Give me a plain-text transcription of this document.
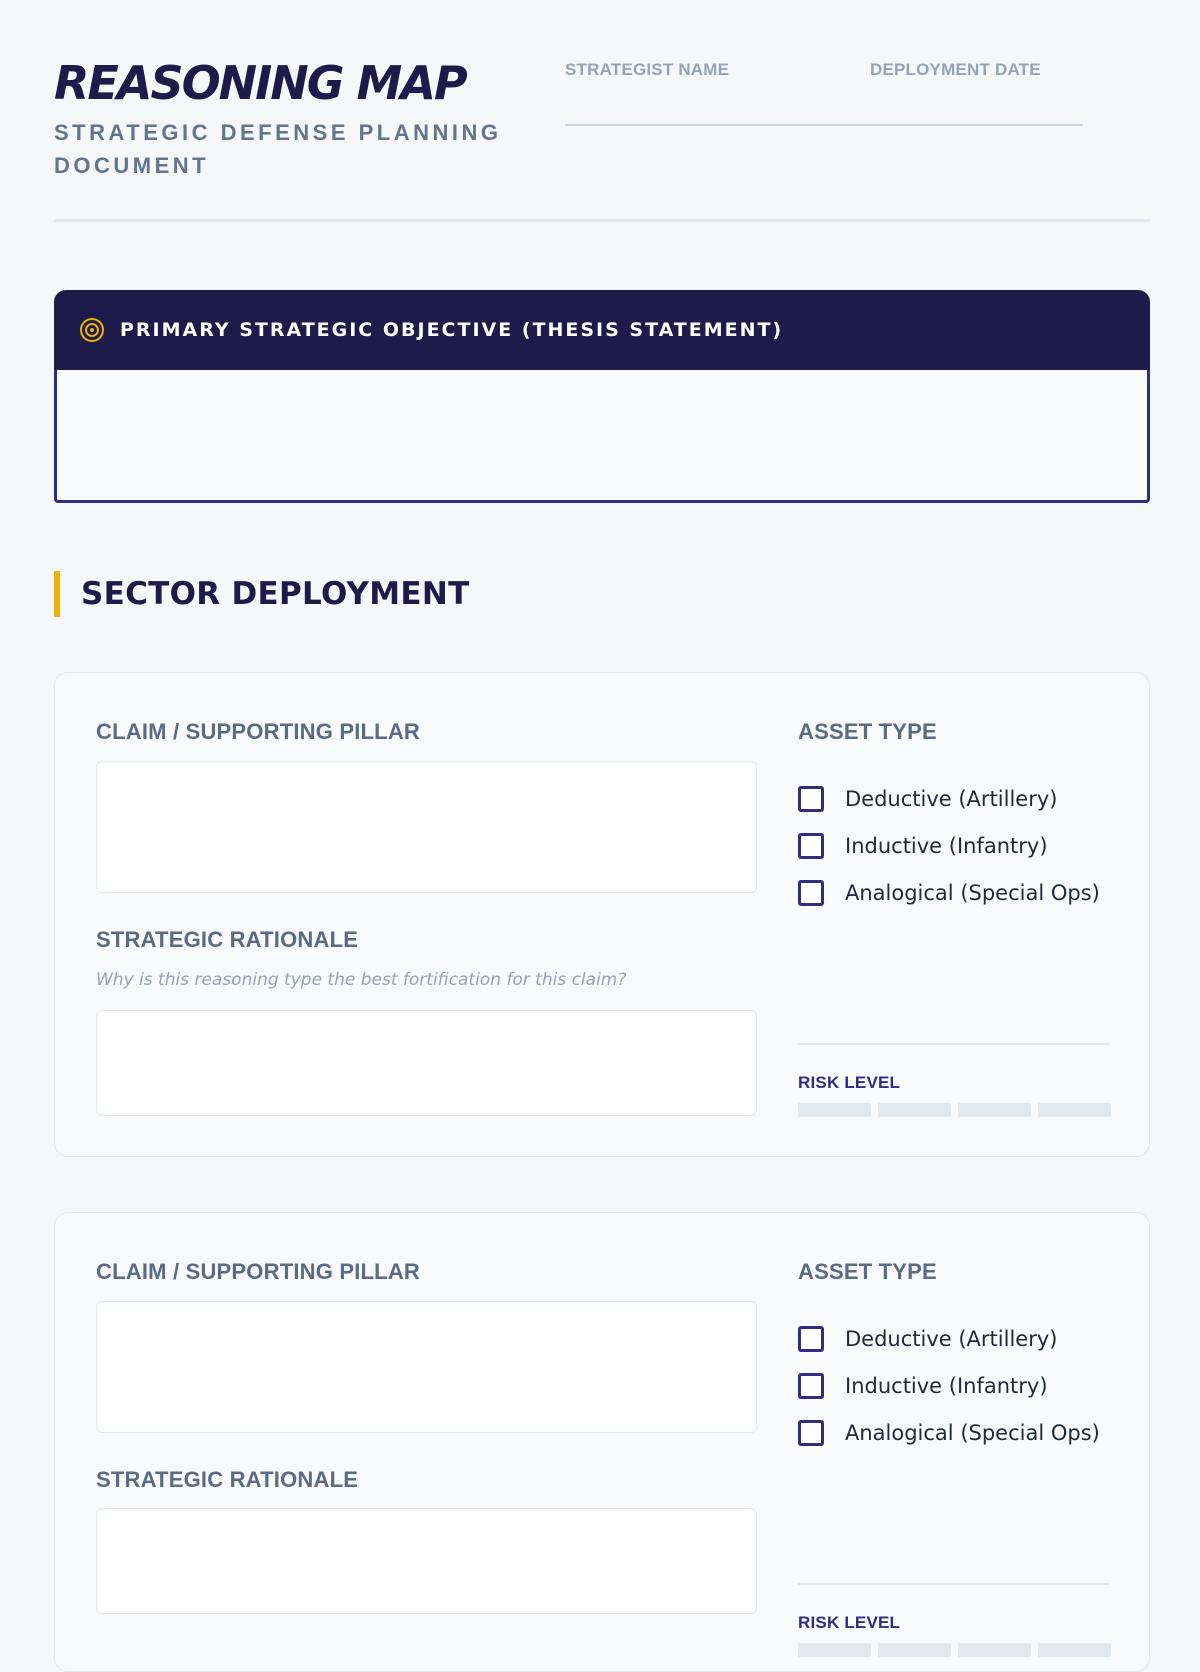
REASONING MAP
STRATEGIC DEFENSE PLANNING DOCUMENT
STRATEGIST NAME	DEPLOYMENT DATE
PRIMARY STRATEGIC OBJECTIVE (THESIS STATEMENT)
SECTOR DEPLOYMENT
CLAIM / SUPPORTING PILLAR
STRATEGIC RATIONALE
Why is this reasoning type the best fortification for this claim?
ASSET TYPE
Deductive (Artillery)
Inductive (Infantry)
Analogical (Special Ops)
RISK LEVEL
CLAIM / SUPPORTING PILLAR
STRATEGIC RATIONALE
ASSET TYPE
Deductive (Artillery)
Inductive (Infantry)
Analogical (Special Ops)
RISK LEVEL
